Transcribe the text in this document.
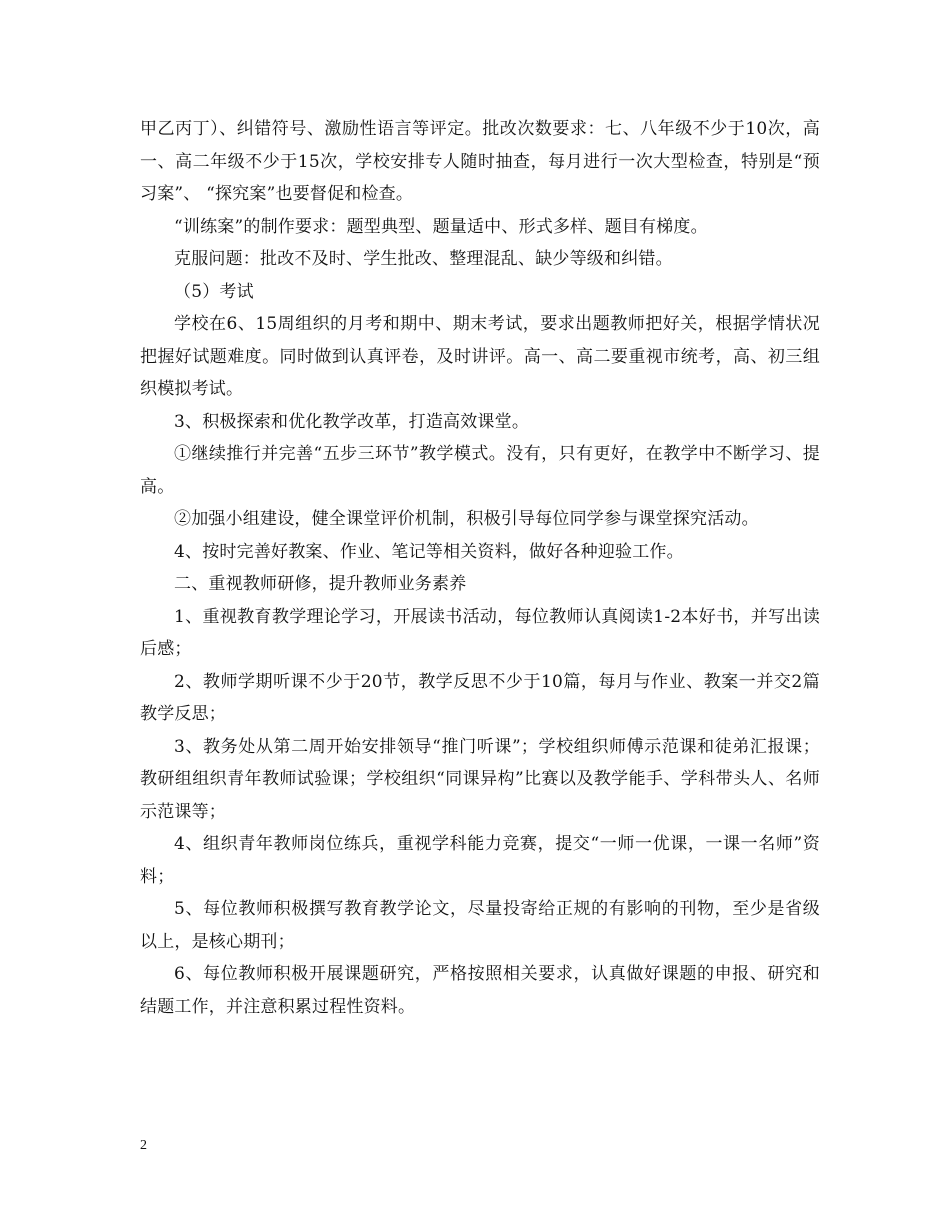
甲乙丙丁）、纠错符号、激励性语言等评定。批改次数要求：七、八年级不少于10次，高一、高二年级不少于15次，学校安排专人随时抽查，每月进行一次大型检查，特别是“预习案”、 “探究案”也要督促和检查。

“训练案”的制作要求：题型典型、题量适中、形式多样、题目有梯度。

克服问题：批改不及时、学生批改、整理混乱、缺少等级和纠错。

（5）考试

学校在6、15周组织的月考和期中、期末考试，要求出题教师把好关，根据学情状况把握好试题难度。同时做到认真评卷，及时讲评。高一、高二要重视市统考，高、初三组织模拟考试。

3、积极探索和优化教学改革，打造高效课堂。

①继续推行并完善“五步三环节”教学模式。没有，只有更好，在教学中不断学习、提高。

②加强小组建设，健全课堂评价机制，积极引导每位同学参与课堂探究活动。

4、按时完善好教案、作业、笔记等相关资料，做好各种迎验工作。

二、重视教师研修，提升教师业务素养

1、重视教育教学理论学习，开展读书活动，每位教师认真阅读1-2本好书，并写出读后感；

2、教师学期听课不少于20节，教学反思不少于10篇，每月与作业、教案一并交2篇教学反思；

3、教务处从第二周开始安排领导“推门听课”；学校组织师傅示范课和徒弟汇报课；教研组组织青年教师试验课；学校组织“同课异构”比赛以及教学能手、学科带头人、名师示范课等；

4、组织青年教师岗位练兵，重视学科能力竞赛，提交“一师一优课，一课一名师”资料；

5、每位教师积极撰写教育教学论文，尽量投寄给正规的有影响的刊物，至少是省级以上，是核心期刊；

6、每位教师积极开展课题研究，严格按照相关要求，认真做好课题的申报、研究和结题工作，并注意积累过程性资料。

2
